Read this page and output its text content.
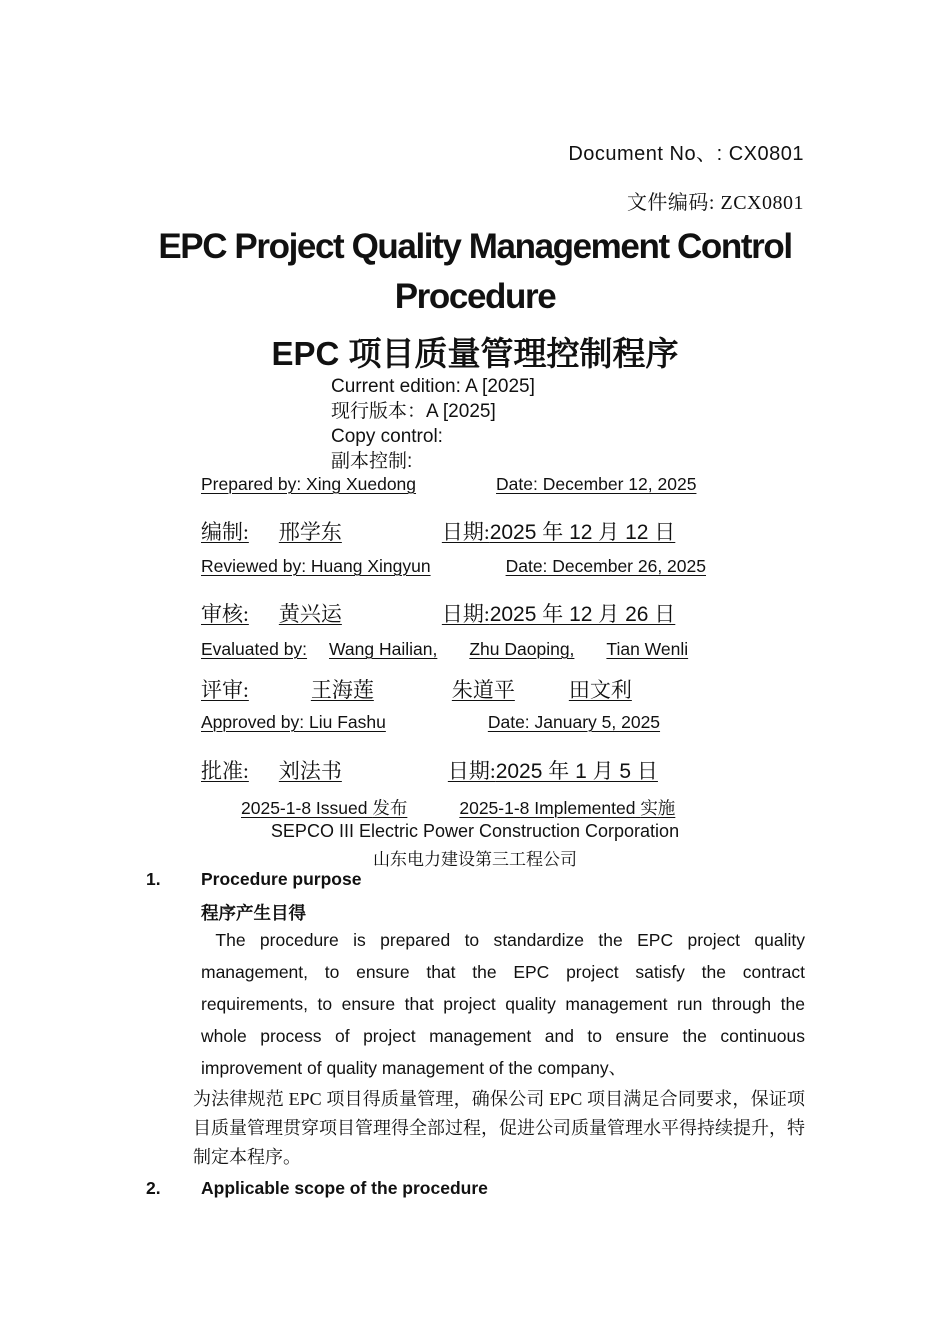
Document No、: CX0801
文件编码: ZCX0801
EPC Project Quality Management Control
Procedure
EPC 项目质量管理控制程序
Current edition: A [2025]
现行版本：A [2025]
Copy control:
副本控制:
Prepared by: Xing Xuedong	Date: December 12, 2025
编制: 邢学东	日期:2025 年 12 月 12 日
Reviewed by: Huang Xingyun	Date: December 26, 2025
审核: 黄兴运	日期:2025 年 12 月 26 日
Evaluated by: Wang Hailian, Zhu Daoping, Tian Wenli
评审:	王海莲	朱道平	田文利
Approved by: Liu Fashu	Date: January 5, 2025
批准: 刘法书	日期:2025 年 1 月 5 日
2025-1-8 Issued 发布	2025-1-8 Implemented 实施
SEPCO III Electric Power Construction Corporation
山东电力建设第三工程公司
1. Procedure purpose
程序产生目得
The procedure is prepared to standardize the EPC project quality management, to ensure that the EPC project satisfy the contract requirements, to ensure that project quality management run through the whole process of project management and to ensure the continuous improvement of quality management of the company、
为法律规范 EPC 项目得质量管理，确保公司 EPC 项目满足合同要求，保证项目质量管理贯穿项目管理得全部过程，促进公司质量管理水平得持续提升，特制定本程序。
2. Applicable scope of the procedure
